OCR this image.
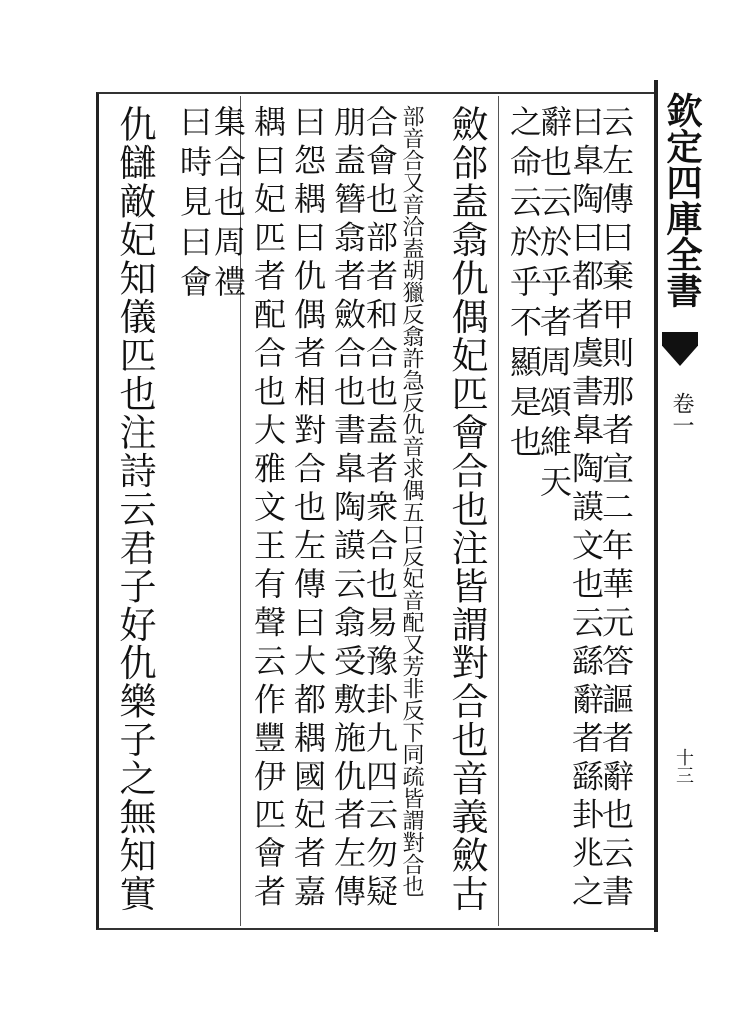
欽定四庫全書
卷一
十三
云左傳曰棄甲則那者宣二年華元答謳者辭也云書
曰臯陶曰都者虞書臯陶謨文也云繇辭者繇卦兆之
辭也云於乎者周頌維天
之命云於乎不顯是也
斂郃盍翕仇偶妃匹會合也注皆謂對合也音義斂古
部音合又音洽盍胡獵反翕許急反仇音求偶五口反妃音配又芳非反下同疏皆謂對合也
合會也部者和合也盍者衆合也易豫卦九四云勿疑
朋盍簪翕者斂合也書臯陶謨云翕受敷施仇者左傳
曰怨耦曰仇偶者相對合也左傳曰大都耦國妃者嘉
耦曰妃匹者配合也大雅文王有聲云作豐伊匹會者
集合也周禮
曰時見曰會
仇讎敵妃知儀匹也注詩云君子好仇樂子之無知實
